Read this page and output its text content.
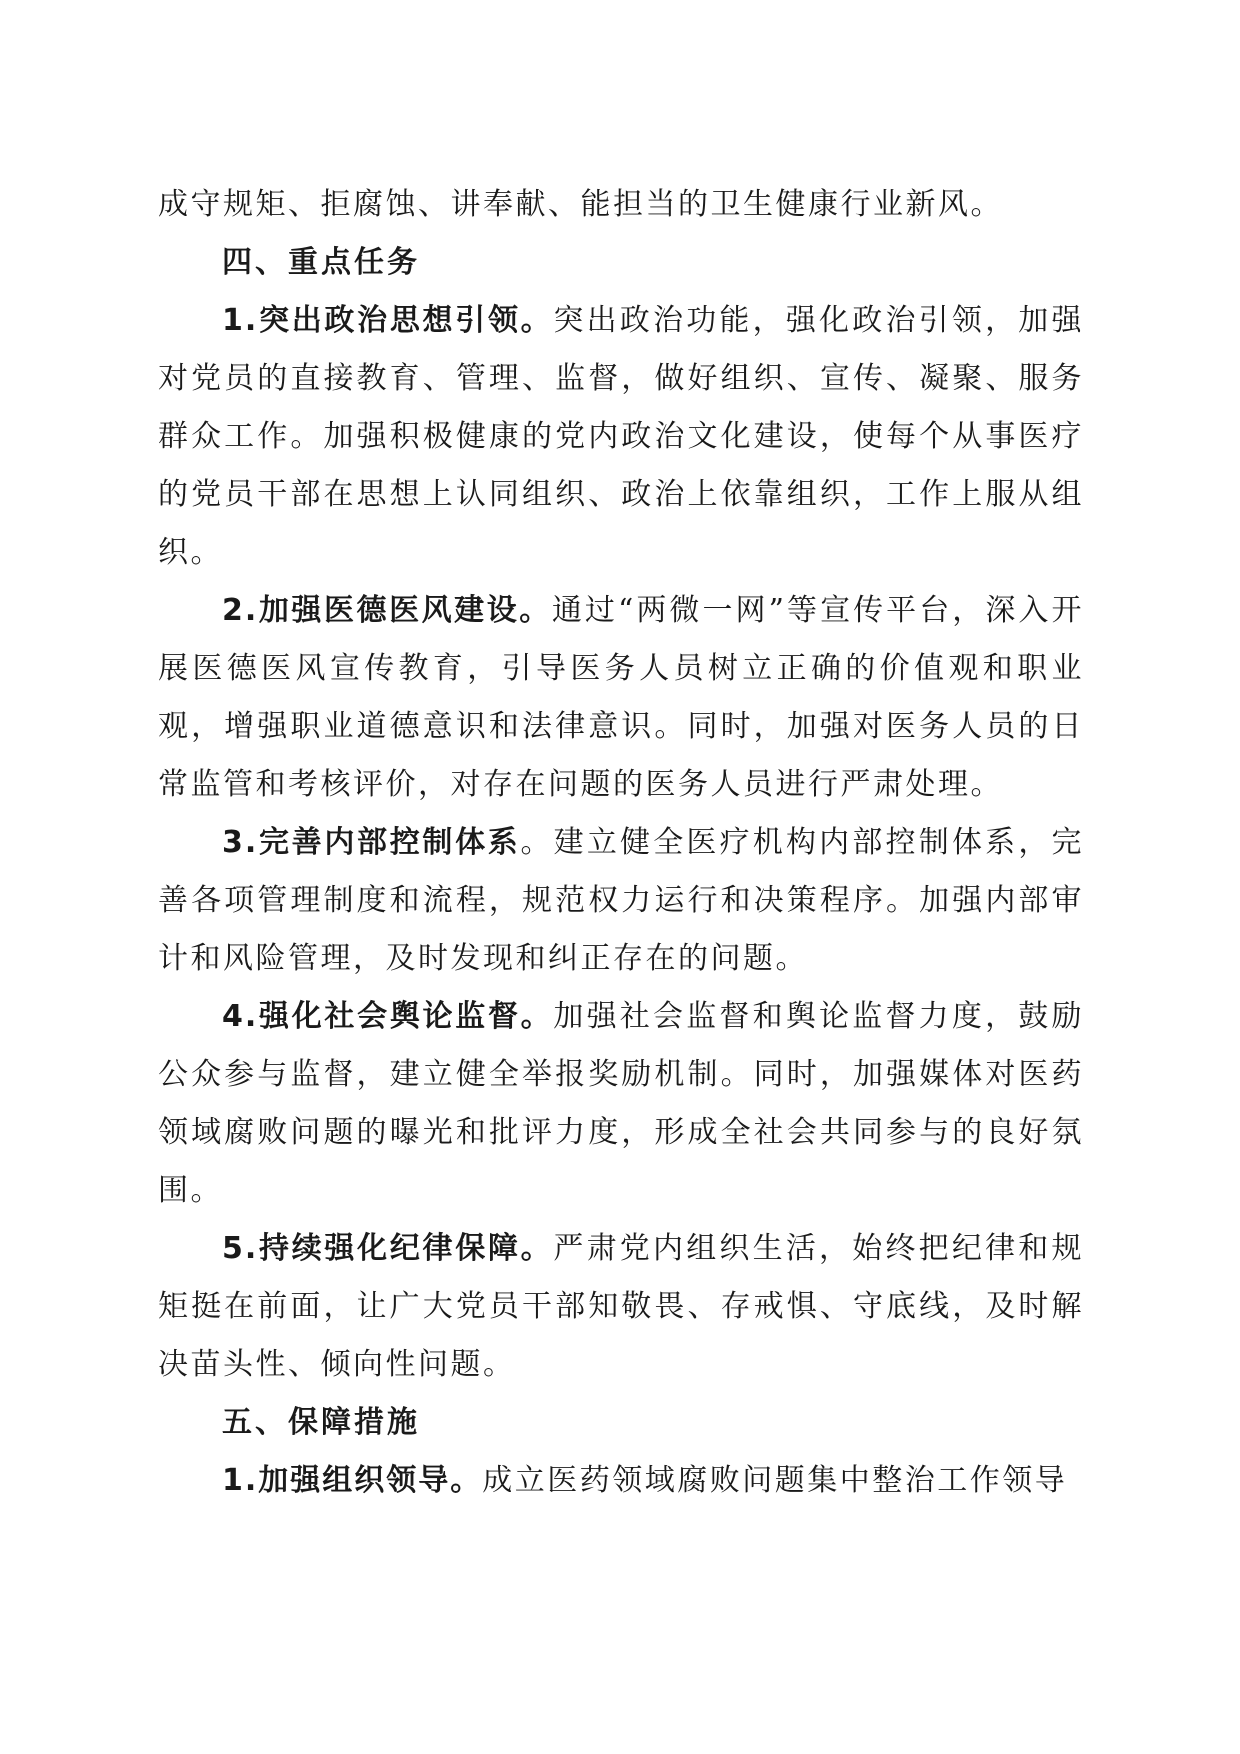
成守规矩、拒腐蚀、讲奉献、能担当的卫生健康行业新风。

四、重点任务

1.突出政治思想引领。突出政治功能，强化政治引领，加强对党员的直接教育、管理、监督，做好组织、宣传、凝聚、服务群众工作。加强积极健康的党内政治文化建设，使每个从事医疗的党员干部在思想上认同组织、政治上依靠组织，工作上服从组织。

2.加强医德医风建设。通过“两微一网”等宣传平台，深入开展医德医风宣传教育，引导医务人员树立正确的价值观和职业观，增强职业道德意识和法律意识。同时，加强对医务人员的日常监管和考核评价，对存在问题的医务人员进行严肃处理。

3.完善内部控制体系。建立健全医疗机构内部控制体系，完善各项管理制度和流程，规范权力运行和决策程序。加强内部审计和风险管理，及时发现和纠正存在的问题。

4.强化社会舆论监督。加强社会监督和舆论监督力度，鼓励公众参与监督，建立健全举报奖励机制。同时，加强媒体对医药领域腐败问题的曝光和批评力度，形成全社会共同参与的良好氛围。

5.持续强化纪律保障。严肃党内组织生活，始终把纪律和规矩挺在前面，让广大党员干部知敬畏、存戒惧、守底线，及时解决苗头性、倾向性问题。

五、保障措施

1.加强组织领导。成立医药领域腐败问题集中整治工作领导
